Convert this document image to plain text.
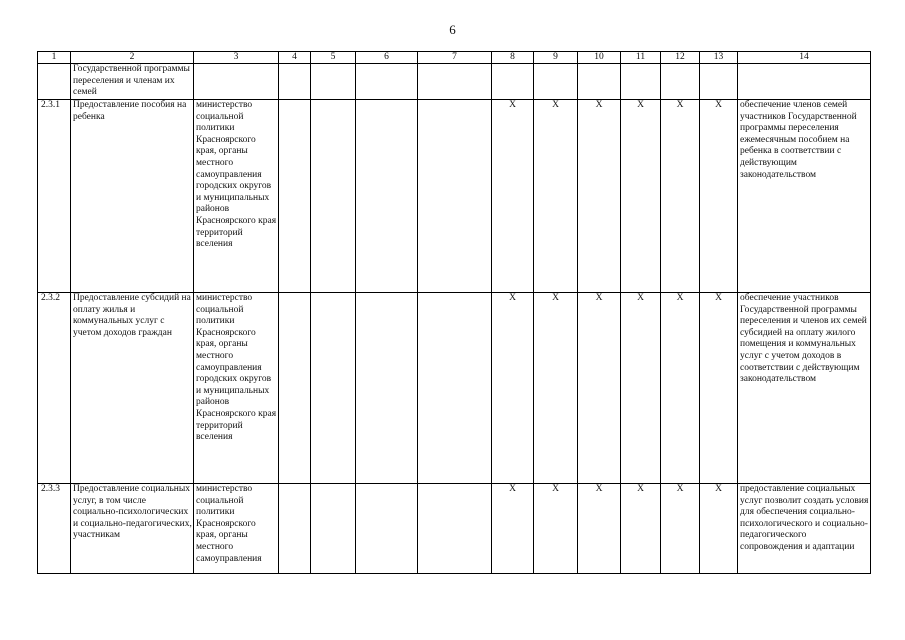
6
1	2	3	4	5	6	7	8	9	10	11	12	13	14
	Государственной программы переселения и членам их семей												
2.3.1	Предоставление пособия на ребенка	министерство социальной политики Красноярского края, органы местного самоуправления городских округов и муниципальных районов Красноярского края территорий вселения					Х	Х	Х	Х	Х	Х	обеспечение членов семей участников Государственной программы переселения ежемесячным пособием на ребенка в соответствии с действующим законодательством
2.3.2	Предоставление субсидий на оплату жилья и коммунальных услуг с учетом доходов граждан	министерство социальной политики Красноярского края, органы местного самоуправления городских округов и муниципальных районов Красноярского края территорий вселения					Х	Х	Х	Х	Х	Х	обеспечение участников Государственной программы переселения и членов их семей субсидией на оплату жилого помещения и коммунальных услуг с учетом доходов в соответствии с действующим законодательством
2.3.3	Предоставление социальных услуг, в том числе социально-психологических и социально-педагогических, участникам	министерство социальной политики Красноярского края, органы местного самоуправления					Х	Х	Х	Х	Х	Х	предоставление социальных услуг позволит создать условия для обеспечения социально-психологического и социально-педагогического сопровождения и адаптации
